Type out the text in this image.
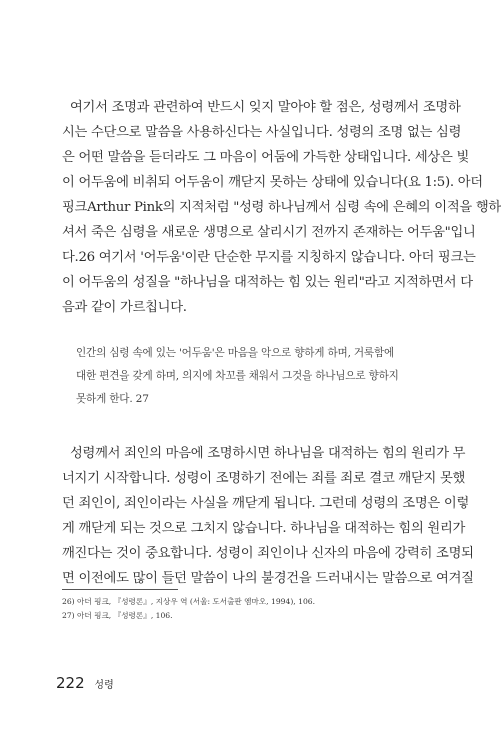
여기서 조명과 관련하여 반드시 잊지 말아야 할 점은, 성령께서 조명하
시는 수단으로 말씀을 사용하신다는 사실입니다. 성령의 조명 없는 심령
은 어떤 말씀을 듣더라도 그 마음이 어둠에 가득한 상태입니다. 세상은 빛
이 어두움에 비취되 어두움이 깨닫지 못하는 상태에 있습니다(요 1:5). 아더
핑크Arthur Pink의 지적처럼 "성령 하나님께서 심령 속에 은혜의 이적을 행하
셔서 죽은 심령을 새로운 생명으로 살리시기 전까지 존재하는 어두움"입니
다.26 여기서 '어두움'이란 단순한 무지를 지칭하지 않습니다. 아더 핑크는
이 어두움의 성질을 "하나님을 대적하는 힘 있는 원리"라고 지적하면서 다
음과 같이 가르칩니다.
인간의 심령 속에 있는 '어두움'은 마음을 악으로 향하게 하며, 거룩함에
대한 편견을 갖게 하며, 의지에 차꼬를 채워서 그것을 하나님으로 향하지
못하게 한다. 27
성령께서 죄인의 마음에 조명하시면 하나님을 대적하는 힘의 원리가 무
너지기 시작합니다. 성령이 조명하기 전에는 죄를 죄로 결코 깨닫지 못했
던 죄인이, 죄인이라는 사실을 깨닫게 됩니다. 그런데 성령의 조명은 이렇
게 깨닫게 되는 것으로 그치지 않습니다. 하나님을 대적하는 힘의 원리가
깨진다는 것이 중요합니다. 성령이 죄인이나 신자의 마음에 강력히 조명되
면 이전에도 많이 들던 말씀이 나의 불경건을 드러내시는 말씀으로 여겨질
26) 아더 핑크, 『성령론』, 지상우 역 (서울: 도서출판 엠마오, 1994), 106.
27) 아더 핑크, 『성령론』, 106.
222 성령
